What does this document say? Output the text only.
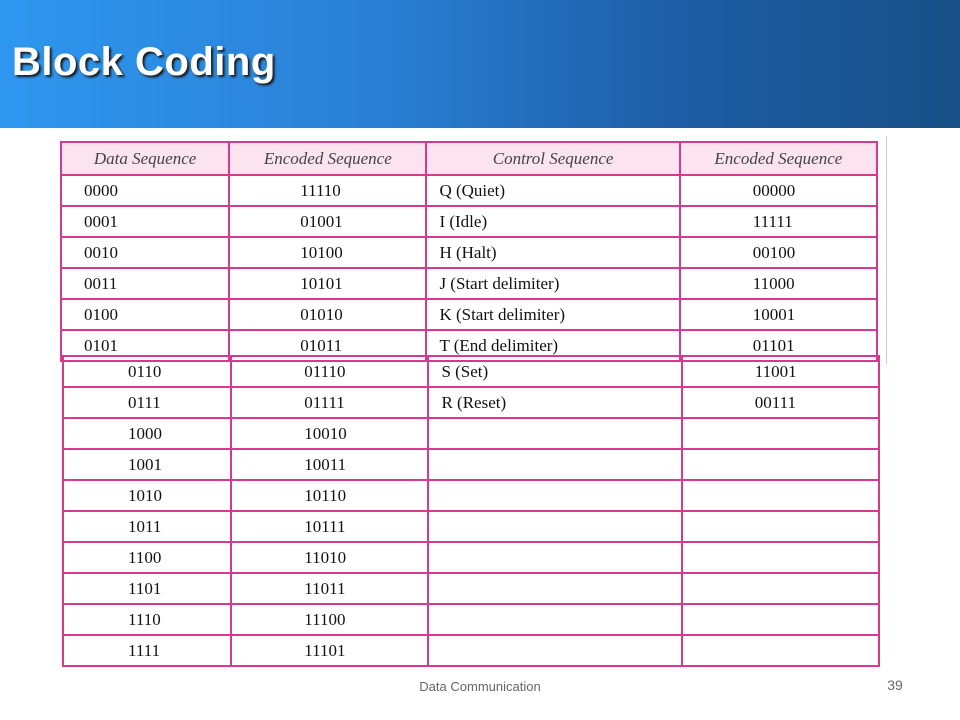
Block Coding
Data Sequence	Encoded Sequence	Control Sequence	Encoded Sequence
0000	11110	Q (Quiet)	00000
0001	01001	I (Idle)	11111
0010	10100	H (Halt)	00100
0011	10101	J (Start delimiter)	11000
0100	01010	K (Start delimiter)	10001
0101	01011	T (End delimiter)	01101
0110	01110	S (Set)	11001
0111	01111	R (Reset)	00111
1000	10010		
1001	10011		
1010	10110		
1011	10111		
1100	11010		
1101	11011		
1110	11100		
1111	11101		
Data Communication	39
